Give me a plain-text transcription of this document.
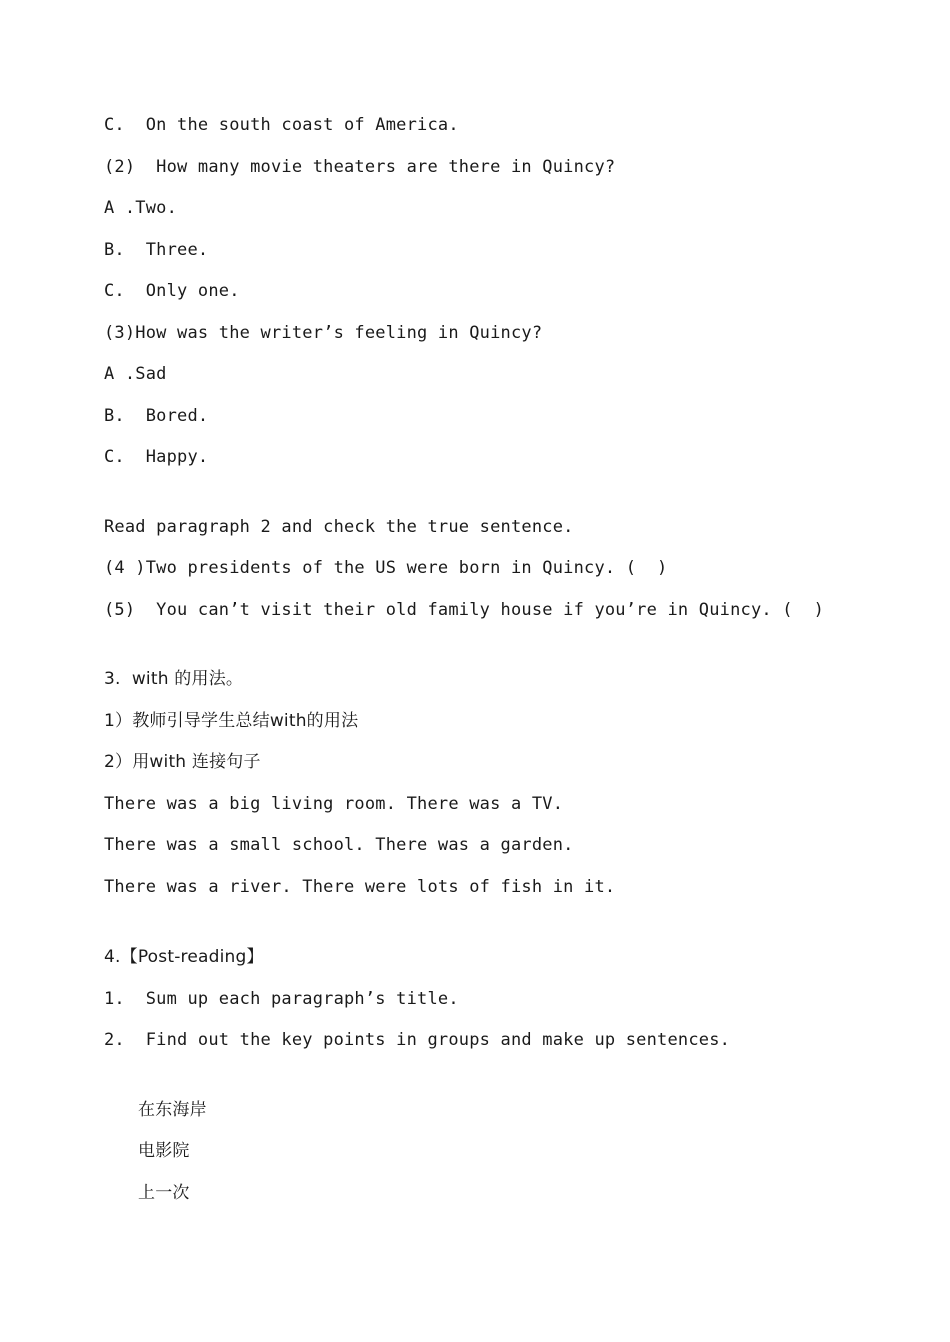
C.  On the south coast of America.
(2)  How many movie theaters are there in Quincy?
A .Two.
B.  Three.
C.  Only one.
(3)How was the writer’s feeling in Quincy?
A .Sad
B.  Bored.
C.  Happy.
Read paragraph 2 and check the true sentence.
(4 )Two presidents of the US were born in Quincy. (  )
(5)  You can’t visit their old family house if you’re in Quincy. (  )
3.  with 的用法。
1）教师引导学生总结with的用法
2）用with 连接句子
There was a big living room. There was a TV.
There was a small school. There was a garden.
There was a river. There were lots of fish in it.
4.【Post-reading】
1.  Sum up each paragraph’s title.
2.  Find out the key points in groups and make up sentences.
在东海岸
电影院
上一次
